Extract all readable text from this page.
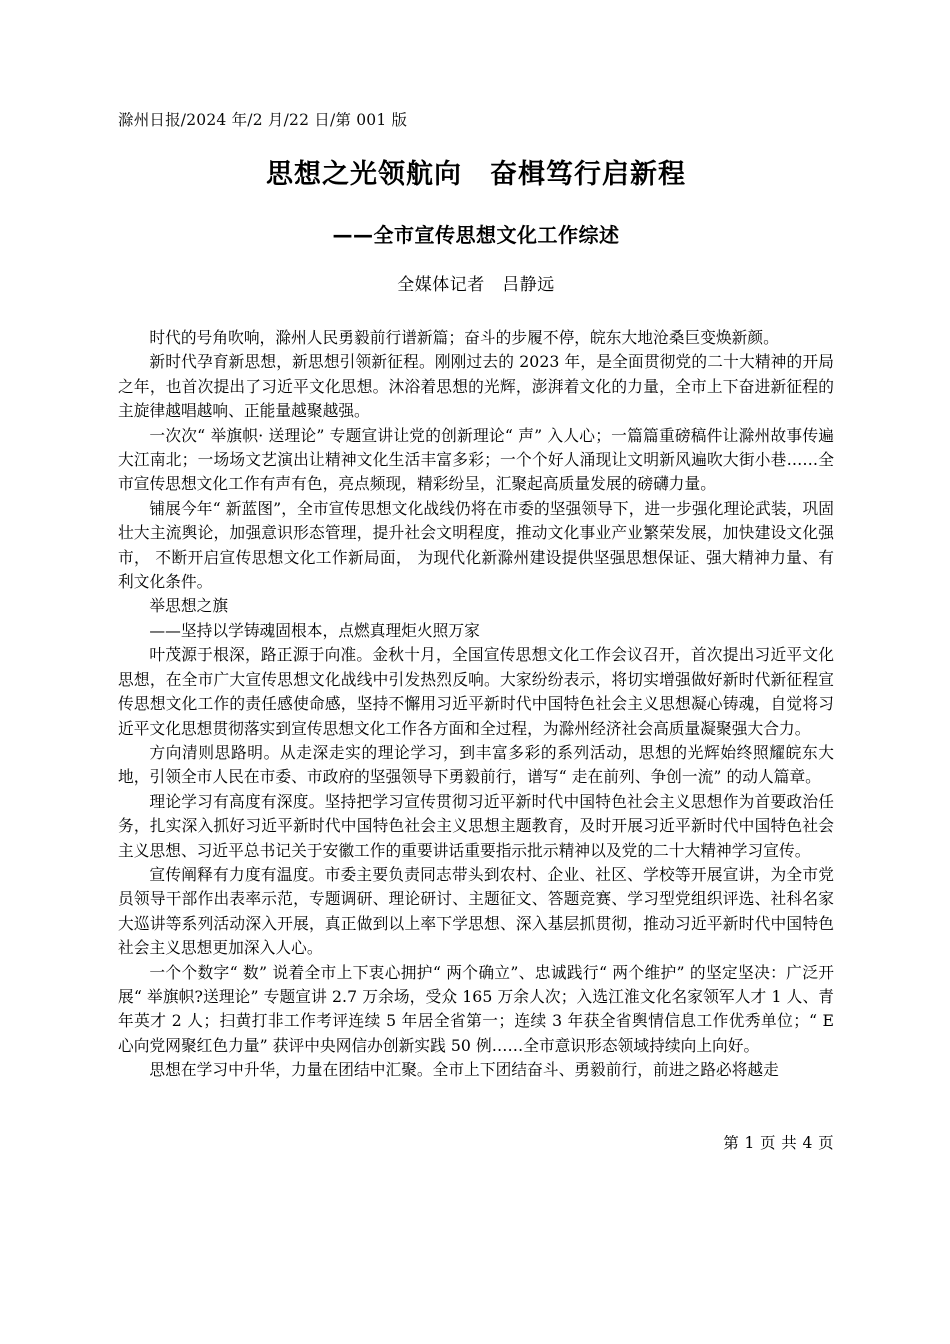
滁州日报/2024 年/2 月/22 日/第 001 版
思想之光领航向　奋楫笃行启新程
——全市宣传思想文化工作综述
全媒体记者　吕静远

时代的号角吹响，滁州人民勇毅前行谱新篇；奋斗的步履不停，皖东大地沧桑巨变焕新颜。

新时代孕育新思想，新思想引领新征程。刚刚过去的 2023 年，是全面贯彻党的二十大精神的开局之年，也首次提出了习近平文化思想。沐浴着思想的光辉，澎湃着文化的力量，全市上下奋进新征程的主旋律越唱越响、正能量越聚越强。

一次次“ 举旗帜· 送理论” 专题宣讲让党的创新理论“ 声” 入人心；一篇篇重磅稿件让滁州故事传遍大江南北；一场场文艺演出让精神文化生活丰富多彩；一个个好人涌现让文明新风遍吹大街小巷……全市宣传思想文化工作有声有色，亮点频现，精彩纷呈，汇聚起高质量发展的磅礴力量。

铺展今年“ 新蓝图”，全市宣传思想文化战线仍将在市委的坚强领导下，进一步强化理论武装，巩固壮大主流舆论，加强意识形态管理，提升社会文明程度，推动文化事业产业繁荣发展，加快建设文化强市， 不断开启宣传思想文化工作新局面， 为现代化新滁州建设提供坚强思想保证、强大精神力量、有利文化条件。

举思想之旗

——坚持以学铸魂固根本，点燃真理炬火照万家

叶茂源于根深，路正源于向准。金秋十月，全国宣传思想文化工作会议召开，首次提出习近平文化思想，在全市广大宣传思想文化战线中引发热烈反响。大家纷纷表示，将切实增强做好新时代新征程宣传思想文化工作的责任感使命感，坚持不懈用习近平新时代中国特色社会主义思想凝心铸魂，自觉将习近平文化思想贯彻落实到宣传思想文化工作各方面和全过程，为滁州经济社会高质量凝聚强大合力。

方向清则思路明。从走深走实的理论学习，到丰富多彩的系列活动，思想的光辉始终照耀皖东大地，引领全市人民在市委、市政府的坚强领导下勇毅前行，谱写“ 走在前列、争创一流” 的动人篇章。

理论学习有高度有深度。坚持把学习宣传贯彻习近平新时代中国特色社会主义思想作为首要政治任务，扎实深入抓好习近平新时代中国特色社会主义思想主题教育，及时开展习近平新时代中国特色社会主义思想、习近平总书记关于安徽工作的重要讲话重要指示批示精神以及党的二十大精神学习宣传。

宣传阐释有力度有温度。市委主要负责同志带头到农村、企业、社区、学校等开展宣讲，为全市党员领导干部作出表率示范，专题调研、理论研讨、主题征文、答题竞赛、学习型党组织评选、社科名家大巡讲等系列活动深入开展，真正做到以上率下学思想、深入基层抓贯彻，推动习近平新时代中国特色社会主义思想更加深入人心。

一个个数字“ 数” 说着全市上下衷心拥护“ 两个确立”、忠诚践行“ 两个维护” 的坚定坚决：广泛开展“ 举旗帜?送理论” 专题宣讲 2.7 万余场，受众 165 万余人次；入选江淮文化名家领军人才 1 人、青年英才 2 人；扫黄打非工作考评连续 5 年居全省第一；连续 3 年获全省舆情信息工作优秀单位；“ E 心向党网聚红色力量” 获评中央网信办创新实践 50 例……全市意识形态领域持续向上向好。

思想在学习中升华，力量在团结中汇聚。全市上下团结奋斗、勇毅前行，前进之路必将越走

第 1 页 共 4 页
